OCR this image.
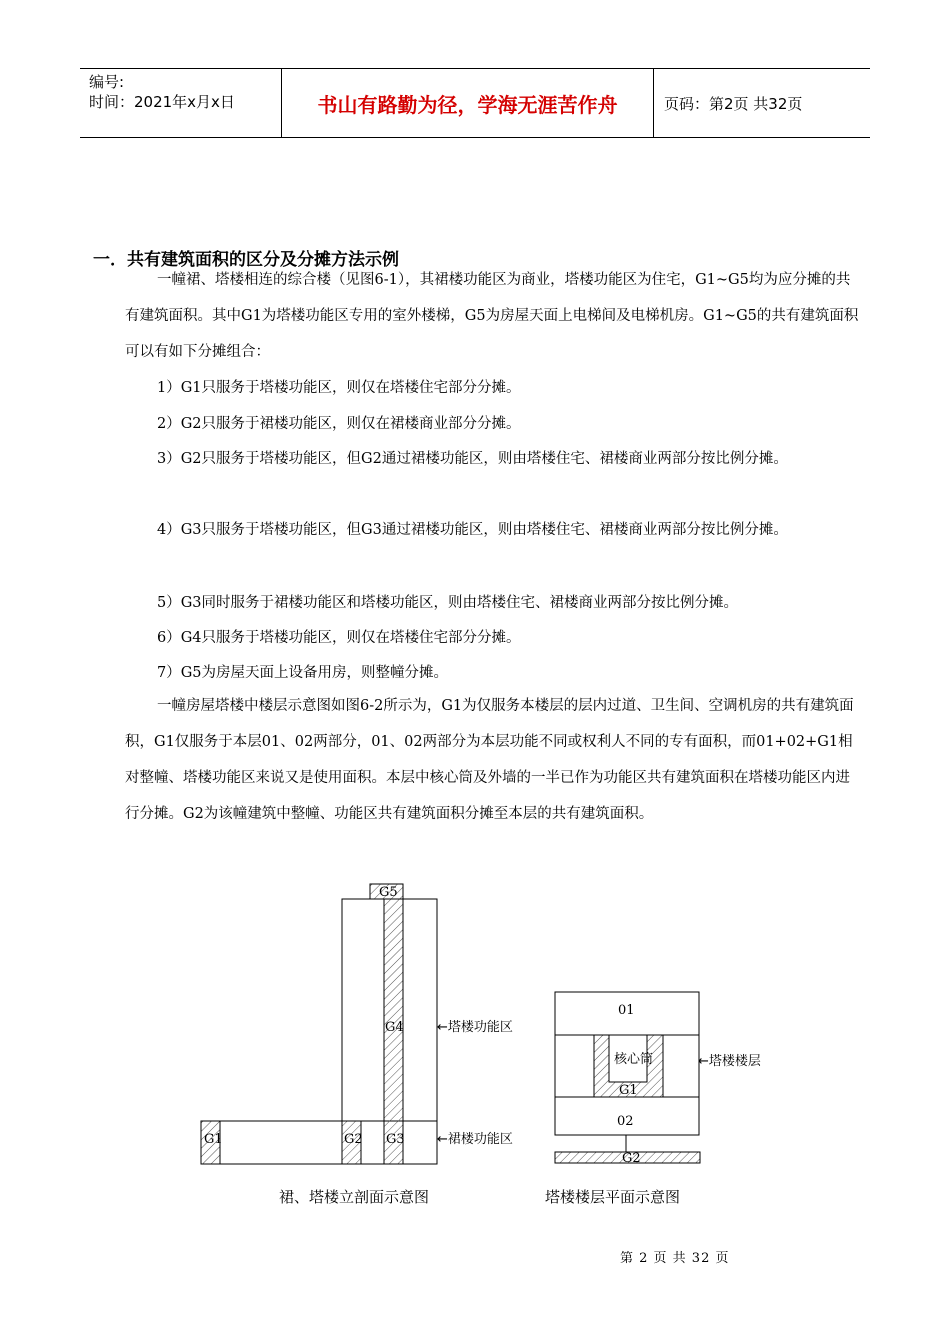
编号:
时间：2021年x月x日	书山有路勤为径，学海无涯苦作舟	页码：第2页 共32页
一．共有建筑面积的区分及分摊方法示例

一幢裙、塔楼相连的综合楼（见图6-1），其裙楼功能区为商业，塔楼功能区为住宅，G1~G5均为应分摊的共有建筑面积。其中G1为塔楼功能区专用的室外楼梯，G5为房屋天面上电梯间及电梯机房。G1~G5的共有建筑面积可以有如下分摊组合：

1）G1只服务于塔楼功能区，则仅在塔楼住宅部分分摊。

2）G2只服务于裙楼功能区，则仅在裙楼商业部分分摊。

3）G2只服务于塔楼功能区，但G2通过裙楼功能区，则由塔楼住宅、裙楼商业两部分按比例分摊。

4）G3只服务于塔楼功能区，但G3通过裙楼功能区，则由塔楼住宅、裙楼商业两部分按比例分摊。

5）G3同时服务于裙楼功能区和塔楼功能区，则由塔楼住宅、裙楼商业两部分按比例分摊。

6）G4只服务于塔楼功能区，则仅在塔楼住宅部分分摊。

7）G5为房屋天面上设备用房，则整幢分摊。

一幢房屋塔楼中楼层示意图如图6-2所示为，G1为仅服务本楼层的层内过道、卫生间、空调机房的共有建筑面积，G1仅服务于本层01、02两部分，01、02两部分为本层功能不同或权利人不同的专有面积，而01+02+G1相对整幢、塔楼功能区来说又是使用面积。本层中核心筒及外墙的一半已作为功能区共有建筑面积在塔楼功能区内进行分摊。G2为该幢建筑中整幢、功能区共有建筑面积分摊至本层的共有建筑面积。

G5
G4
G1	G2 G3
←塔楼功能区
←裙楼功能区
01
02
核心筒
G1
G2
←塔楼楼层
裙、塔楼立剖面示意图	塔楼楼层平面示意图
第 2 页 共 32 页
